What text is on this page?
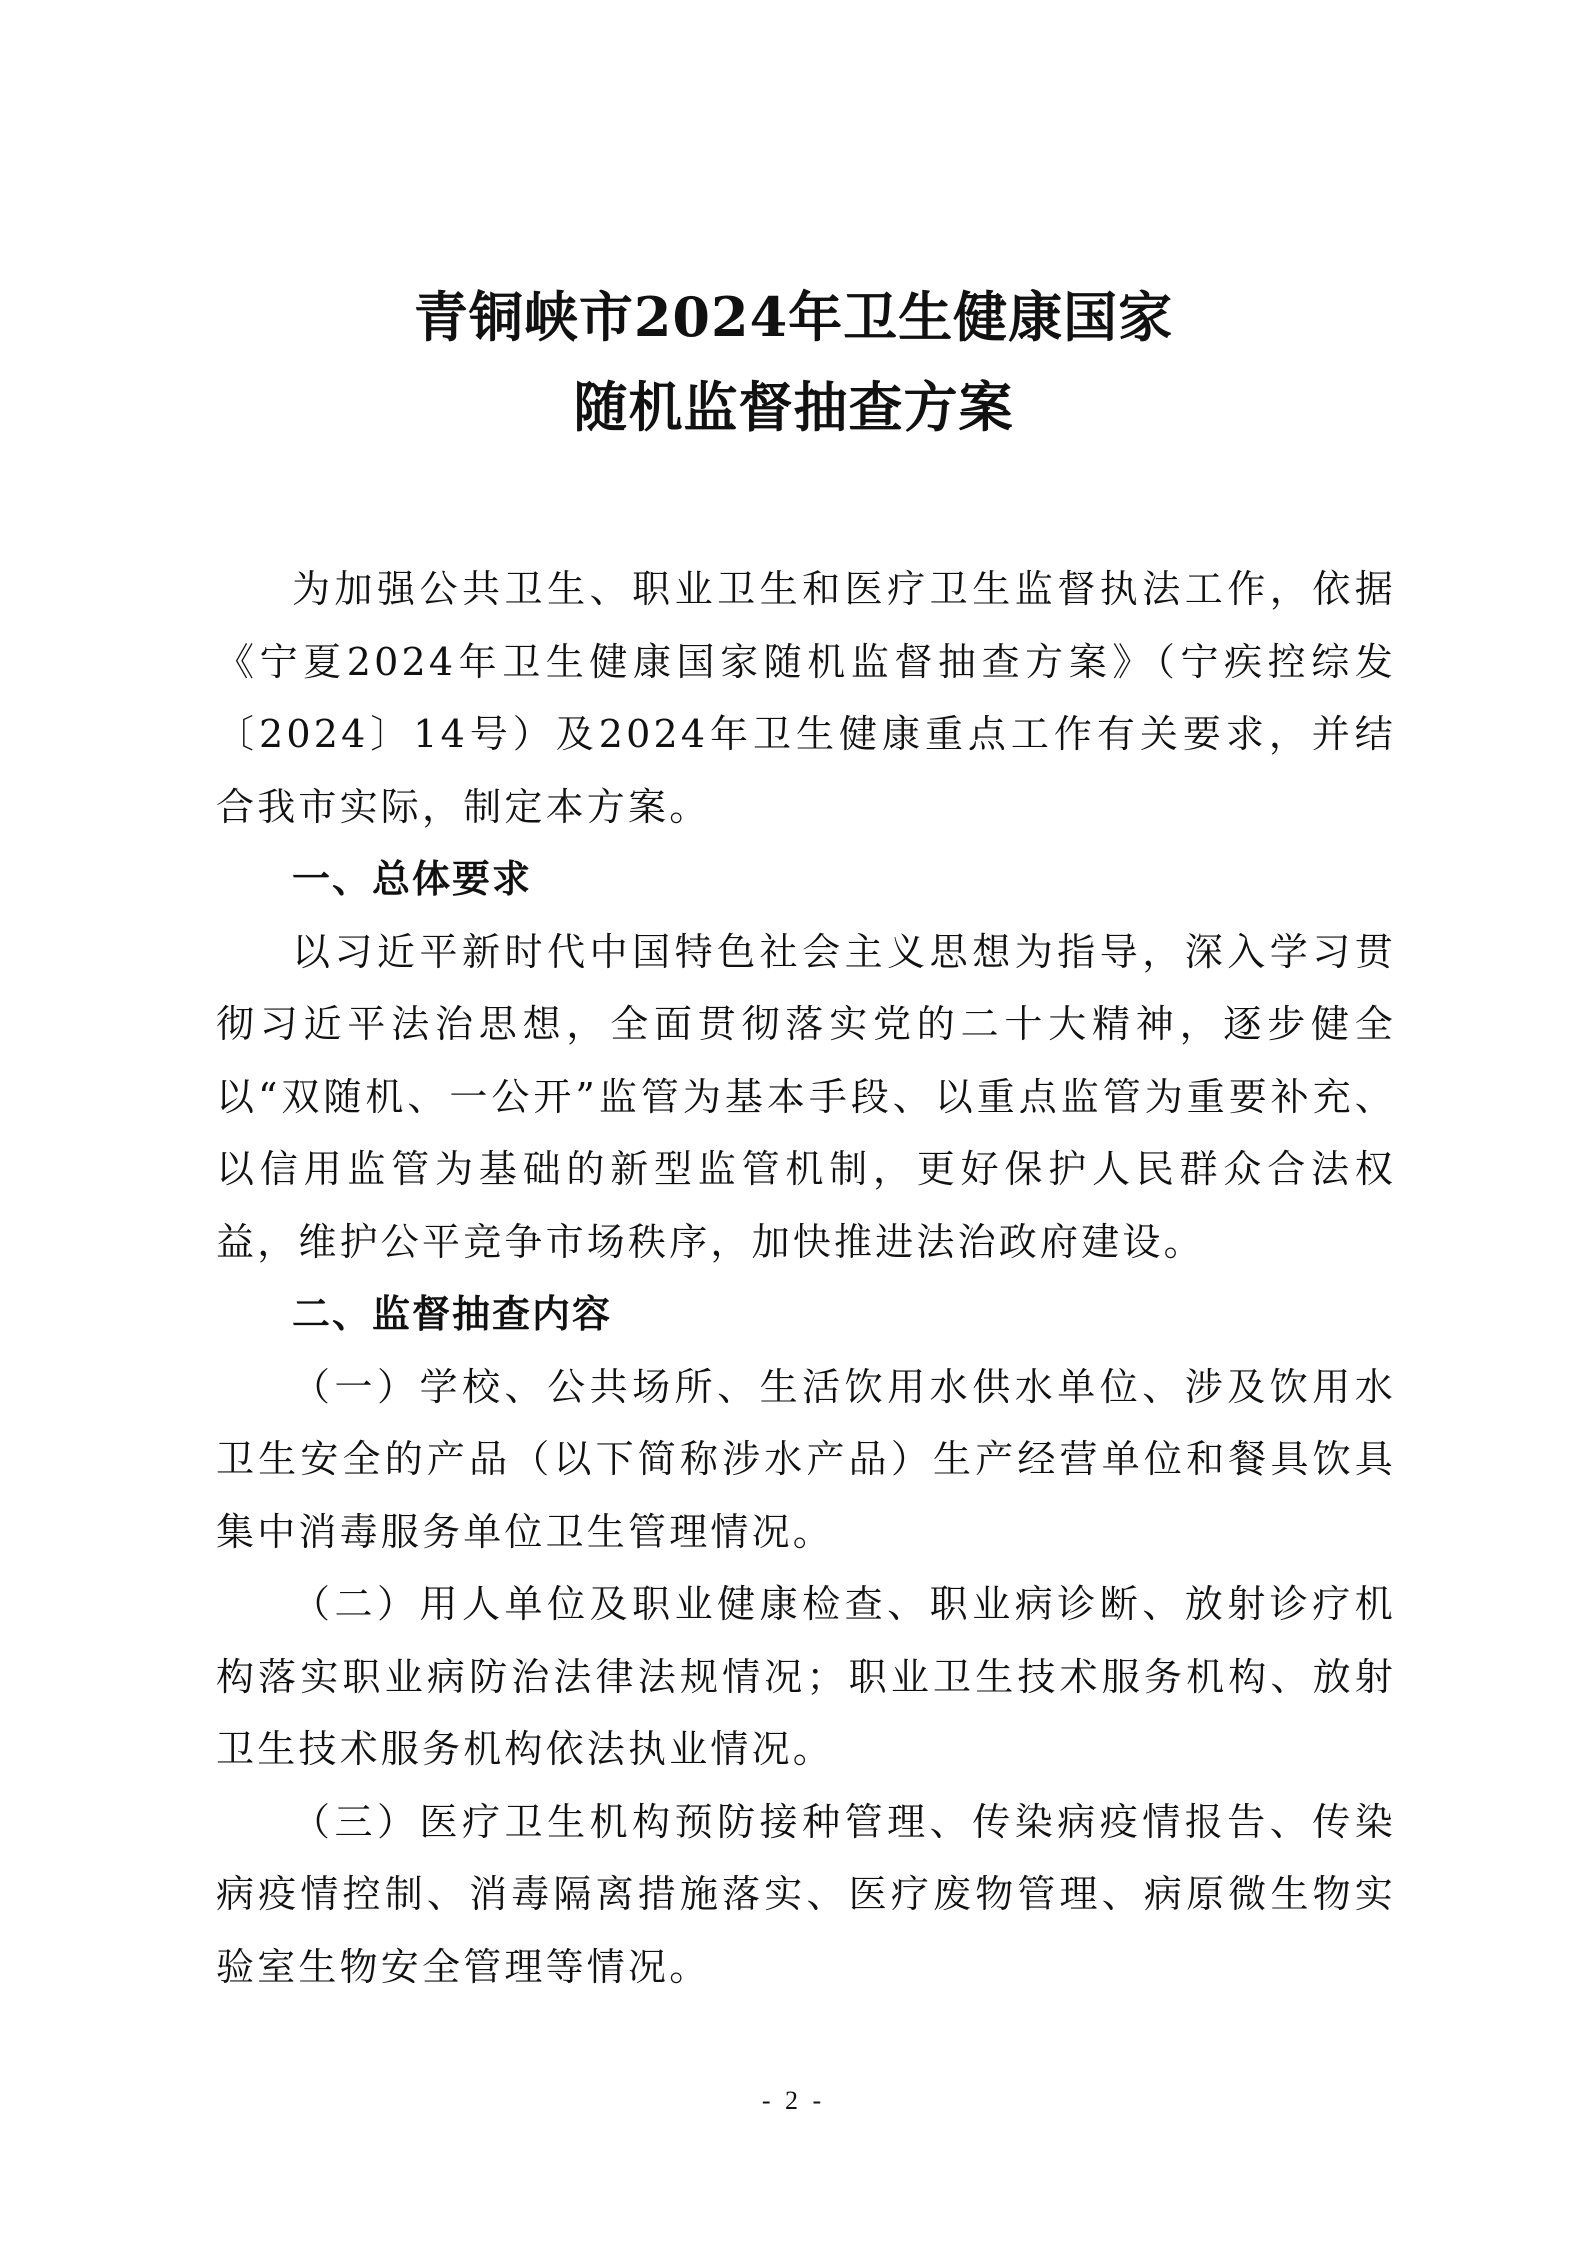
青铜峡市2024年卫生健康国家
随机监督抽查方案

为加强公共卫生、职业卫生和医疗卫生监督执法工作，依据《宁夏2024年卫生健康国家随机监督抽查方案》（宁疾控综发〔2024〕14号）及2024年卫生健康重点工作有关要求，并结合我市实际，制定本方案。

一、总体要求

以习近平新时代中国特色社会主义思想为指导，深入学习贯彻习近平法治思想，全面贯彻落实党的二十大精神，逐步健全以“双随机、一公开”监管为基本手段、以重点监管为重要补充、以信用监管为基础的新型监管机制，更好保护人民群众合法权益，维护公平竞争市场秩序，加快推进法治政府建设。

二、监督抽查内容

（一）学校、公共场所、生活饮用水供水单位、涉及饮用水卫生安全的产品（以下简称涉水产品）生产经营单位和餐具饮具集中消毒服务单位卫生管理情况。

（二）用人单位及职业健康检查、职业病诊断、放射诊疗机构落实职业病防治法律法规情况；职业卫生技术服务机构、放射卫生技术服务机构依法执业情况。

（三）医疗卫生机构预防接种管理、传染病疫情报告、传染病疫情控制、消毒隔离措施落实、医疗废物管理、病原微生物实验室生物安全管理等情况。

- 2 -
